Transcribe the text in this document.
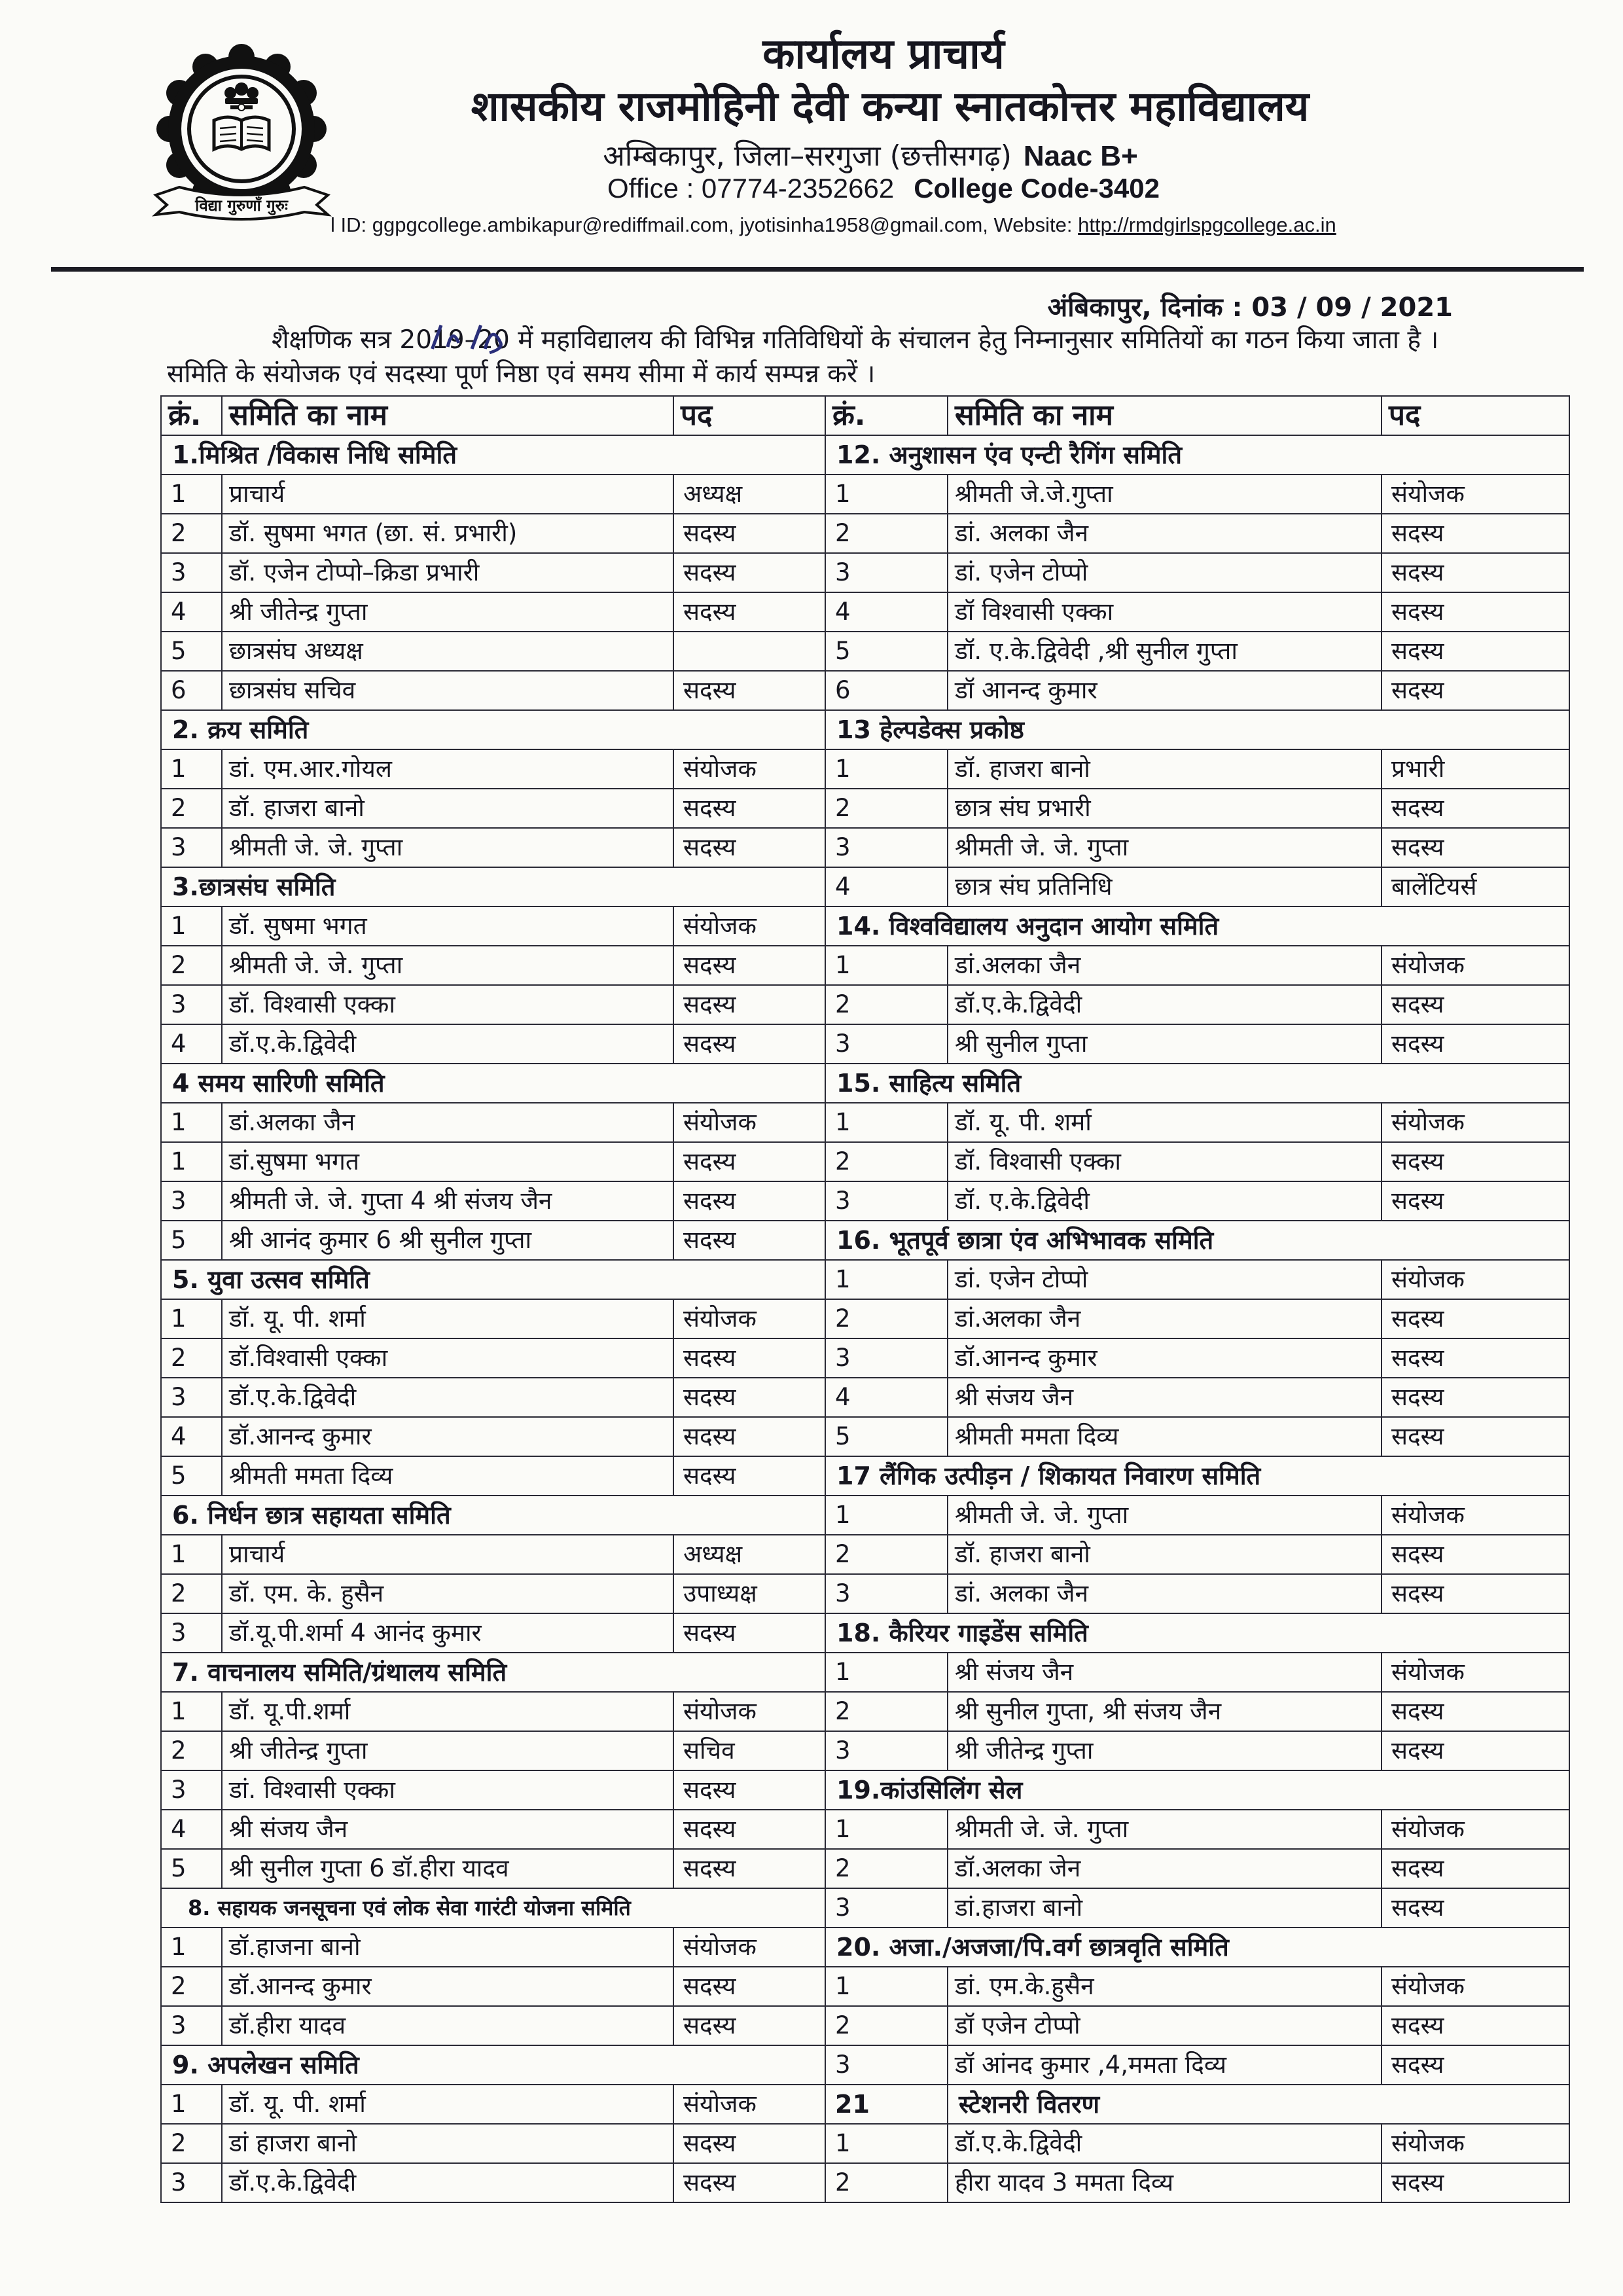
विद्या गुरुणाँ गुरुः
कार्यालय प्राचार्य
शासकीय राजमोहिनी देवी कन्या स्नातकोत्तर महाविद्यालय
अम्बिकापुर, जिला–सरगुजा (छत्तीसगढ़) Naac B+
Office : 07774-2352662 College Code-3402
l ID: ggpgcollege.ambikapur@rediffmail.com, jyotisinha1958@gmail.com, Website: http://rmdgirlspgcollege.ac.in
अंबिकापुर, दिनांक : 03 / 09 / 2021

शैक्षणिक सत्र 2019–20
में महाविद्यालय की विभिन्न गतिविधियों के संचालन हेतु निम्नानुसार समितियों का गठन किया जाता है । समिति के संयोजक एवं सदस्या पूर्ण निष्ठा एवं समय सीमा में कार्य सम्पन्न करें ।

क्रं.	समिति का नाम	पद	क्रं.	समिति का नाम	पद
1.मिश्रित /विकास निधि समिति			12. अनुशासन एंव एन्टी रैगिंग समिति		
1	प्राचार्य	अध्यक्ष	1	श्रीमती जे.जे.गुप्ता	संयोजक
2	डॉ. सुषमा भगत (छा. सं. प्रभारी)	सदस्य	2	डां. अलका जैन	सदस्य
3	डॉ. एजेन टोप्पो–क्रिडा प्रभारी	सदस्य	3	डां. एजेन टोप्पो	सदस्य
4	श्री जीतेन्द्र गुप्ता	सदस्य	4	डॉ विश्वासी एक्का	सदस्य
5	छात्रसंघ अध्यक्ष		5	डॉ. ए.के.द्विवेदी ,श्री सुनील गुप्ता	सदस्य
6	छात्रसंघ सचिव	सदस्य	6	डॉ आनन्द कुमार	सदस्य
2. क्रय समिति			13 हेल्पडेक्स प्रकोष्ठ		
1	डां. एम.आर.गोयल	संयोजक	1	डॉ. हाजरा बानो	प्रभारी
2	डॉ. हाजरा बानो	सदस्य	2	छात्र संघ प्रभारी	सदस्य
3	श्रीमती जे. जे. गुप्ता	सदस्य	3	श्रीमती जे. जे. गुप्ता	सदस्य
3.छात्रसंघ समिति			4	छात्र संघ प्रतिनिधि	बालेंटियर्स
1	डॉ. सुषमा भगत	संयोजक	14. विश्वविद्यालय अनुदान आयोग समिति		
2	श्रीमती जे. जे. गुप्ता	सदस्य	1	डां.अलका जैन	संयोजक
3	डॉ. विश्वासी एक्का	सदस्य	2	डॉ.ए.के.द्विवेदी	सदस्य
4	डॉ.ए.के.द्विवेदी	सदस्य	3	श्री सुनील गुप्ता	सदस्य
4 समय सारिणी समिति			15. साहित्य समिति		
1	डां.अलका जैन	संयोजक	1	डॉ. यू. पी. शर्मा	संयोजक
1	डां.सुषमा भगत	सदस्य	2	डॉ. विश्वासी एक्का	सदस्य
3	श्रीमती जे. जे. गुप्ता 4 श्री संजय जैन	सदस्य	3	डॉ. ए.के.द्विवेदी	सदस्य
5	श्री आनंद कुमार 6 श्री सुनील गुप्ता	सदस्य	16. भूतपूर्व छात्रा एंव अभिभावक समिति		
5. युवा उत्सव समिति			1	डां. एजेन टोप्पो	संयोजक
1	डॉ. यू. पी. शर्मा	संयोजक	2	डां.अलका जैन	सदस्य
2	डॉ.विश्वासी एक्का	सदस्य	3	डॉ.आनन्द कुमार	सदस्य
3	डॉ.ए.के.द्विवेदी	सदस्य	4	श्री संजय जैन	सदस्य
4	डॉ.आनन्द कुमार	सदस्य	5	श्रीमती ममता दिव्य	सदस्य
5	श्रीमती ममता दिव्य	सदस्य	17 लैंगिक उत्पीड़न / शिकायत निवारण समिति		
6. निर्धन छात्र सहायता समिति			1	श्रीमती जे. जे. गुप्ता	संयोजक
1	प्राचार्य	अध्यक्ष	2	डॉ. हाजरा बानो	सदस्य
2	डॉ. एम. के. हुसैन	उपाध्यक्ष	3	डां. अलका जैन	सदस्य
3	डॉ.यू.पी.शर्मा 4 आनंद कुमार	सदस्य	18. कैरियर गाइडेंस समिति		
7. वाचनालय समिति/ग्रंथालय समिति			1	श्री संजय जैन	संयोजक
1	डॉ. यू.पी.शर्मा	संयोजक	2	श्री सुनील गुप्ता, श्री संजय जैन	सदस्य
2	श्री जीतेन्द्र गुप्ता	सचिव	3	श्री जीतेन्द्र गुप्ता	सदस्य
3	डां. विश्वासी एक्का	सदस्य	19.कांउसिलिंग सेल		
4	श्री संजय जैन	सदस्य	1	श्रीमती जे. जे. गुप्ता	संयोजक
5	श्री सुनील गुप्ता 6 डॉ.हीरा यादव	सदस्य	2	डॉ.अलका जेन	सदस्य
8. सहायक जनसूचना एवं लोक सेवा गारंटी योजना समिति			3	डां.हाजरा बानो	सदस्य
1	डॉ.हाजना बानो	संयोजक	20. अजा./अजजा/पि.वर्ग छात्रवृति समिति		
2	डॉ.आनन्द कुमार	सदस्य	1	डां. एम.के.हुसैन	संयोजक
3	डॉ.हीरा यादव	सदस्य	2	डॉ एजेन टोप्पो	सदस्य
9. अपलेखन समिति			3	डॉ आंनद कुमार ,4,ममता दिव्य	सदस्य
1	डॉ. यू. पी. शर्मा	संयोजक	21	स्टेशनरी वितरण	
2	डां हाजरा बानो	सदस्य	1	डॉ.ए.के.द्विवेदी	संयोजक
3	डॉ.ए.के.द्विवेदी	सदस्य	2	हीरा यादव 3 ममता दिव्य	सदस्य
